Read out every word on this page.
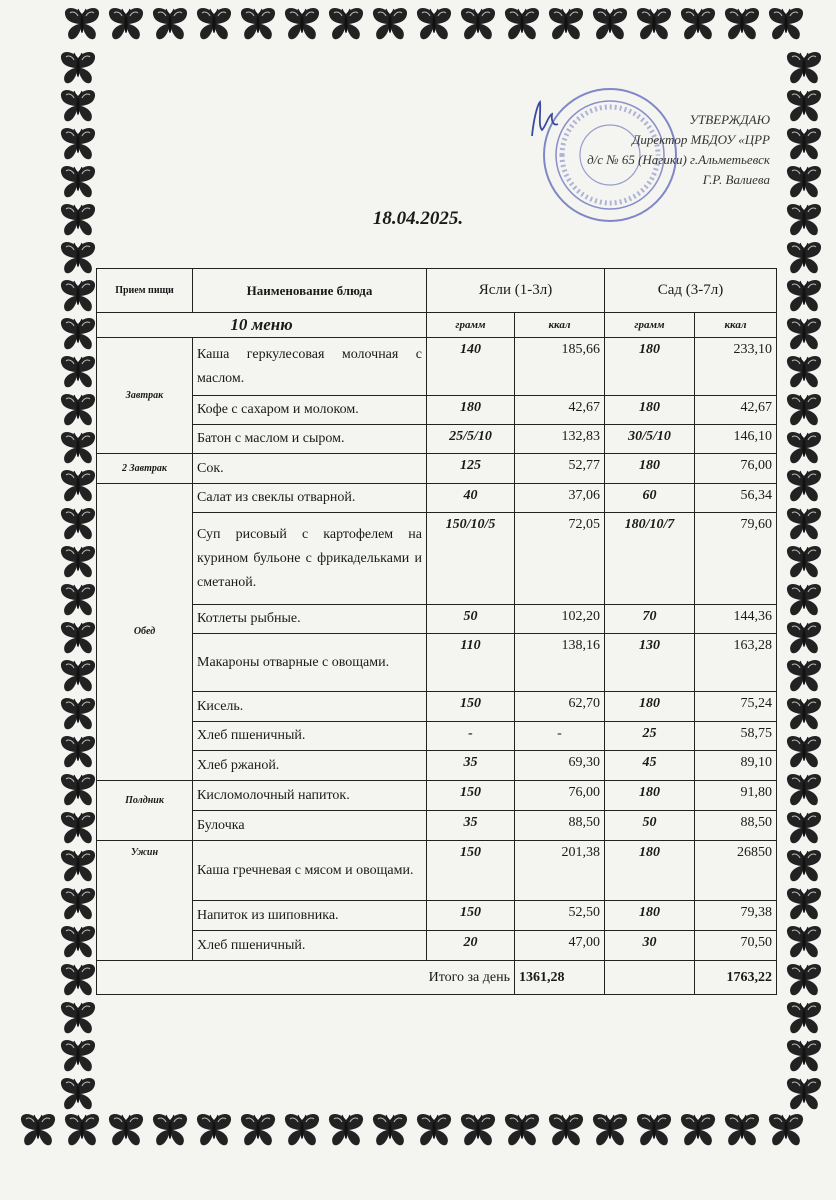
УТВЕРЖДАЮ
Директор МБДОУ «ЦРР
д/с № 65 (Нагики) г.Альметьевск
Г.Р. Валиева
18.04.2025.
Прием пищи	Наименование блюда	Ясли (1-3л)		Сад (3-7л)	
10 меню		грамм	ккал	грамм	ккал
Завтрак	Каша геркулесовая молочная с маслом.	140	185,66	180	233,10
	Кофе с сахаром и молоком.	180	42,67	180	42,67
	Батон с маслом и сыром.	25/5/10	132,83	30/5/10	146,10
2 Завтрак	Сок.	125	52,77	180	76,00
Обед	Салат из свеклы отварной.	40	37,06	60	56,34
	Суп рисовый с картофелем на курином бульоне с фрикадельками и сметаной.	150/10/5	72,05	180/10/7	79,60
	Котлеты рыбные.	50	102,20	70	144,36
	Макароны отварные с овощами.	110	138,16	130	163,28
	Кисель.	150	62,70	180	75,24
	Хлеб пшеничный.	-	-	25	58,75
	Хлеб ржаной.	35	69,30	45	89,10
Полдник	Кисломолочный напиток.	150	76,00	180	91,80
	Булочка	35	88,50	50	88,50
Ужин	Каша гречневая с мясом и овощами.	150	201,38	180	26850
	Напиток из шиповника.	150	52,50	180	79,38
	Хлеб пшеничный.	20	47,00	30	70,50
Итого за день			1361,28		1763,22
